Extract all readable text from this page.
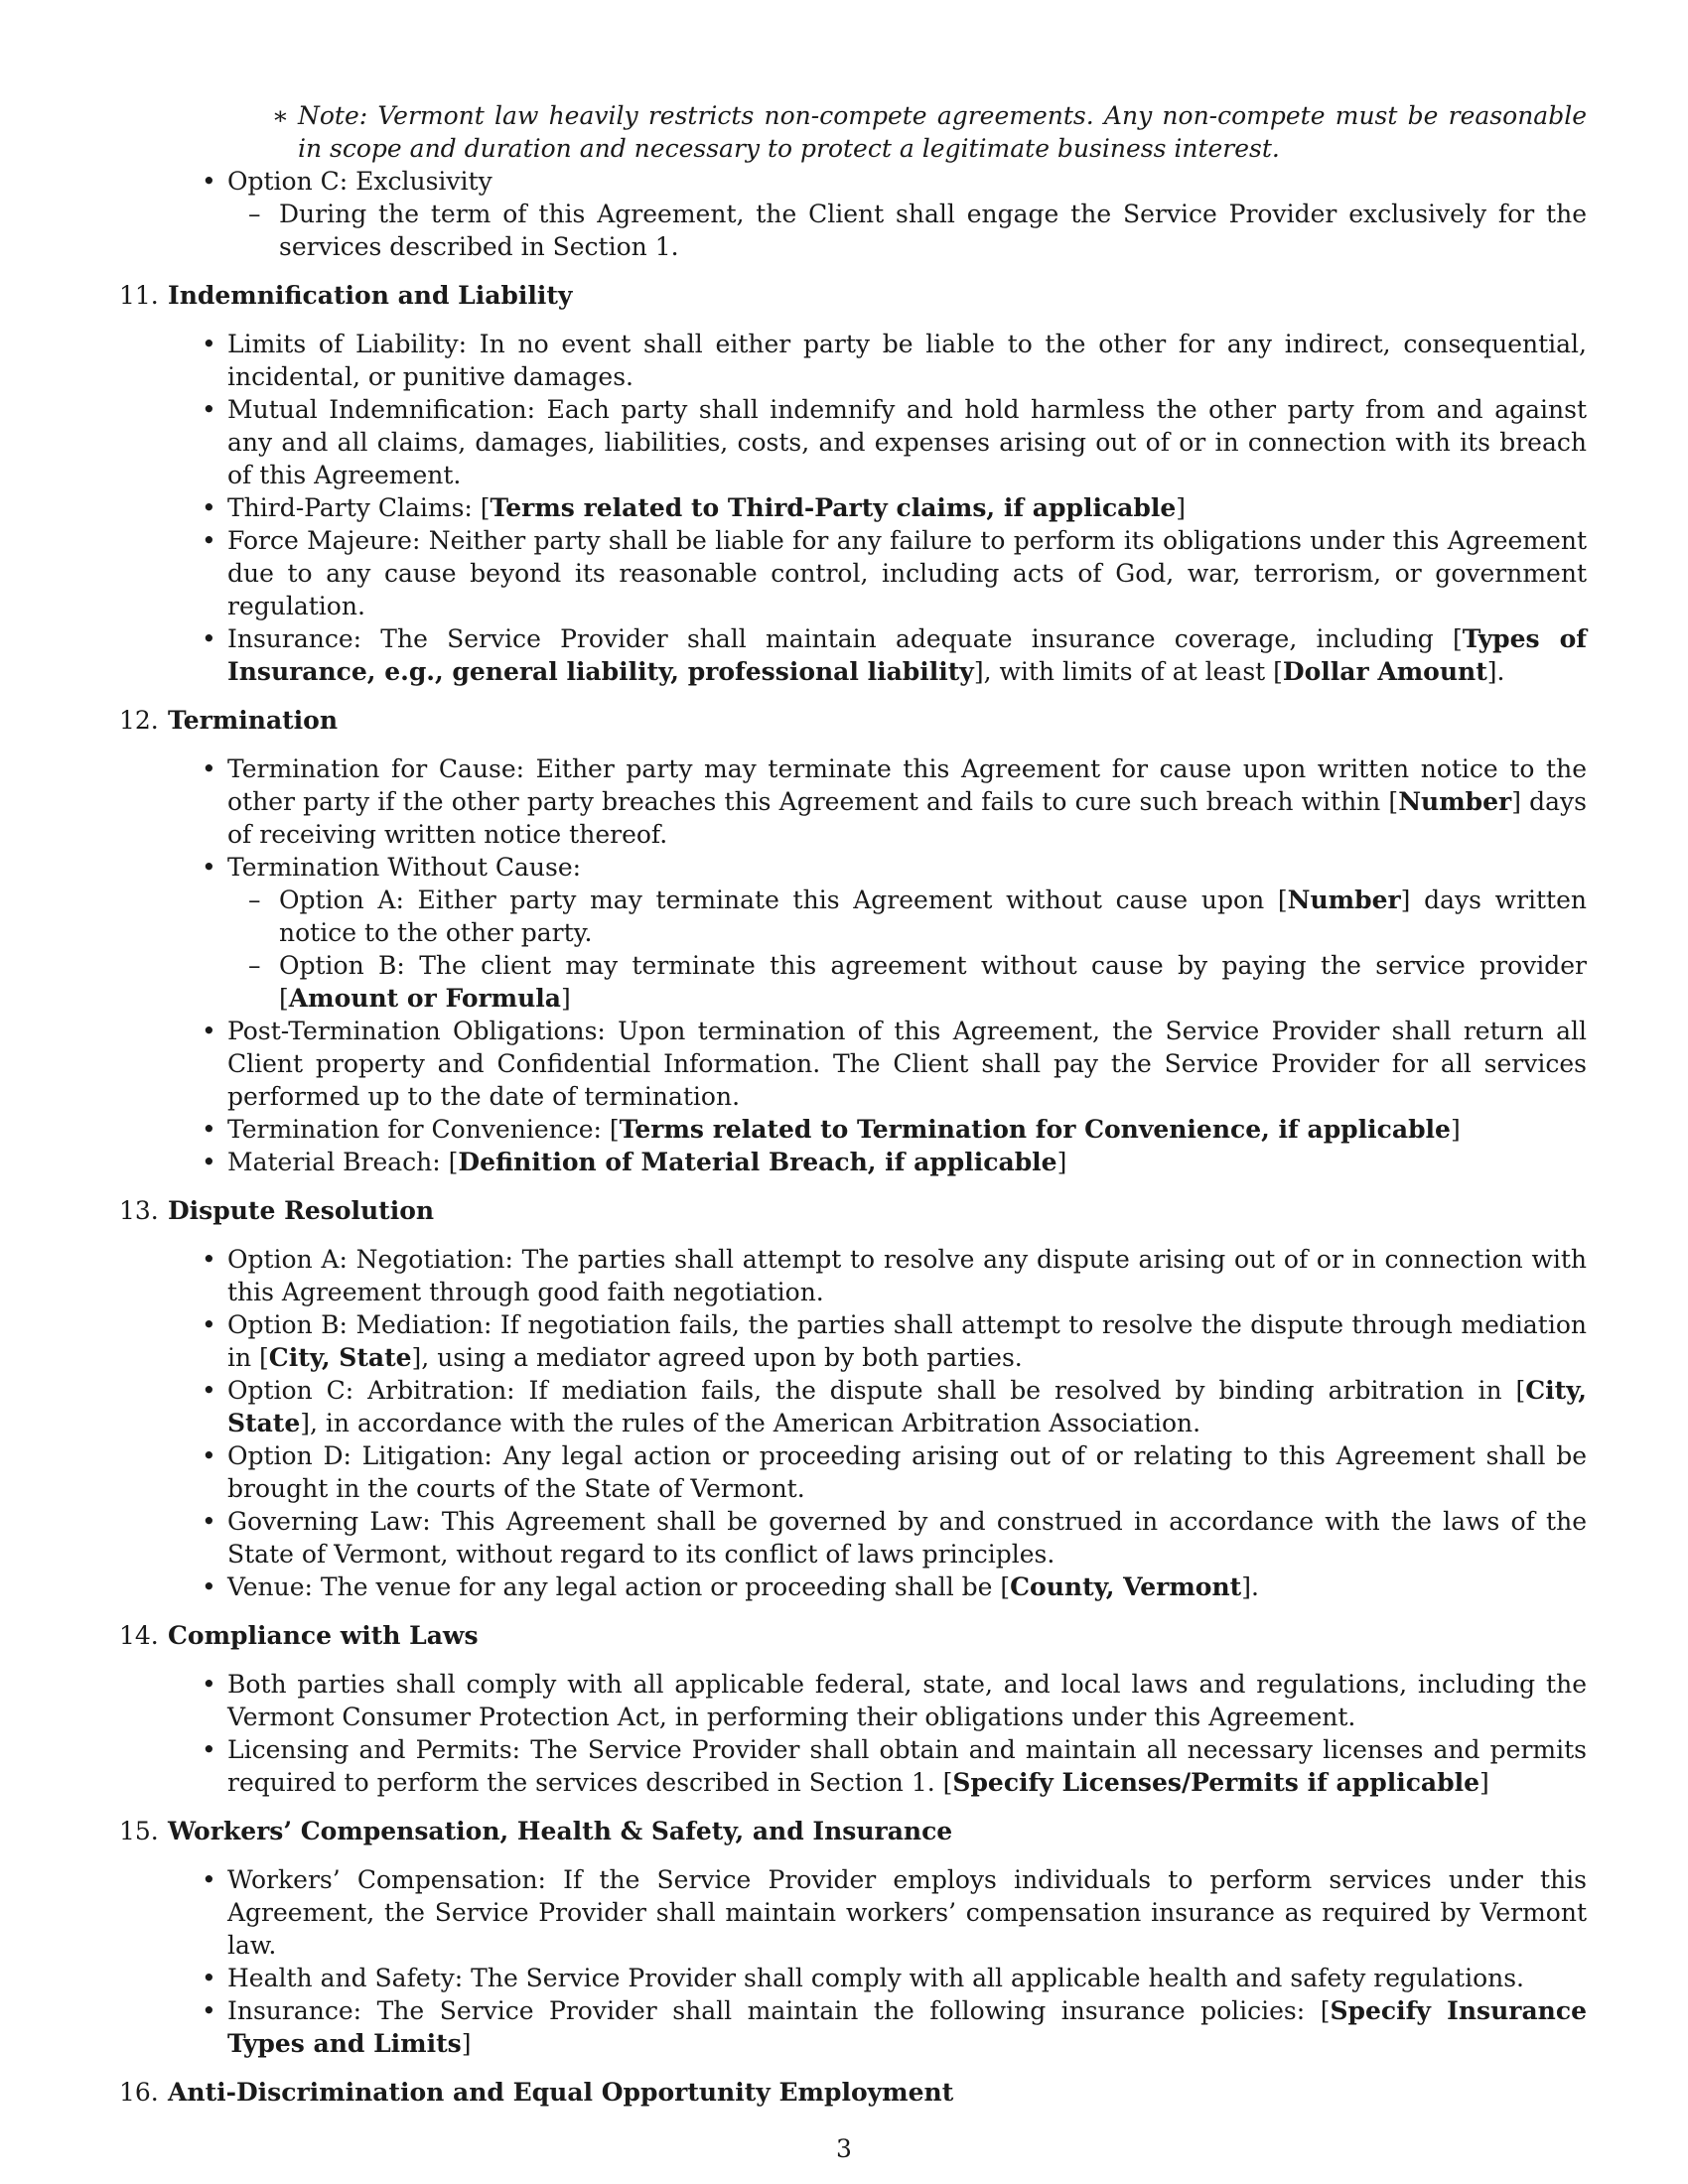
∗ Note: Vermont law heavily restricts non-compete agreements. Any non-compete must be reasonable in scope and duration and necessary to protect a legitimate business interest.
• Option C: Exclusivity
– During the term of this Agreement, the Client shall engage the Service Provider exclusively for the services described in Section 1.
11. Indemnification and Liability
• Limits of Liability: In no event shall either party be liable to the other for any indirect, consequential, incidental, or punitive damages.
• Mutual Indemnification: Each party shall indemnify and hold harmless the other party from and against any and all claims, damages, liabilities, costs, and expenses arising out of or in connection with its breach of this Agreement.
• Third-Party Claims: [Terms related to Third-Party claims, if applicable]
• Force Majeure: Neither party shall be liable for any failure to perform its obligations under this Agreement due to any cause beyond its reasonable control, including acts of God, war, terrorism, or government regulation.
• Insurance: The Service Provider shall maintain adequate insurance coverage, including [Types of Insurance, e.g., general liability, professional liability], with limits of at least [Dollar Amount].
12. Termination
• Termination for Cause: Either party may terminate this Agreement for cause upon written notice to the other party if the other party breaches this Agreement and fails to cure such breach within [Number] days of receiving written notice thereof.
• Termination Without Cause:
– Option A: Either party may terminate this Agreement without cause upon [Number] days written notice to the other party.
– Option B: The client may terminate this agreement without cause by paying the service provider [Amount or Formula]
• Post-Termination Obligations: Upon termination of this Agreement, the Service Provider shall return all Client property and Confidential Information. The Client shall pay the Service Provider for all services performed up to the date of termination.
• Termination for Convenience: [Terms related to Termination for Convenience, if applicable]
• Material Breach: [Definition of Material Breach, if applicable]
13. Dispute Resolution
• Option A: Negotiation: The parties shall attempt to resolve any dispute arising out of or in connection with this Agreement through good faith negotiation.
• Option B: Mediation: If negotiation fails, the parties shall attempt to resolve the dispute through mediation in [City, State], using a mediator agreed upon by both parties.
• Option C: Arbitration: If mediation fails, the dispute shall be resolved by binding arbitration in [City, State], in accordance with the rules of the American Arbitration Association.
• Option D: Litigation: Any legal action or proceeding arising out of or relating to this Agreement shall be brought in the courts of the State of Vermont.
• Governing Law: This Agreement shall be governed by and construed in accordance with the laws of the State of Vermont, without regard to its conflict of laws principles.
• Venue: The venue for any legal action or proceeding shall be [County, Vermont].
14. Compliance with Laws
• Both parties shall comply with all applicable federal, state, and local laws and regulations, including the Vermont Consumer Protection Act, in performing their obligations under this Agreement.
• Licensing and Permits: The Service Provider shall obtain and maintain all necessary licenses and permits required to perform the services described in Section 1. [Specify Licenses/Permits if applicable]
15. Workers’ Compensation, Health & Safety, and Insurance
• Workers’ Compensation: If the Service Provider employs individuals to perform services under this Agreement, the Service Provider shall maintain workers’ compensation insurance as required by Vermont law.
• Health and Safety: The Service Provider shall comply with all applicable health and safety regulations.
• Insurance: The Service Provider shall maintain the following insurance policies: [Specify Insurance Types and Limits]
16. Anti-Discrimination and Equal Opportunity Employment
3
